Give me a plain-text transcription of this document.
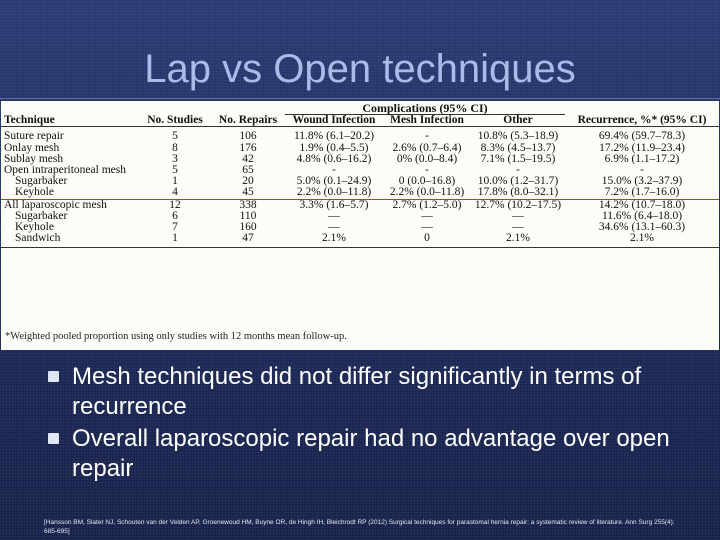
Lap vs Open techniques
			Complications (95% CI)			
Technique	No. Studies	No. Repairs	Wound Infection	Mesh Infection	Other	Recurrence, %* (95% CI)
Suture repair	5	106	11.8% (6.1–20.2)	-	10.8% (5.3–18.9)	69.4% (59.7–78.3)
Onlay mesh	8	176	1.9% (0.4–5.5)	2.6% (0.7–6.4)	8.3% (4.5–13.7)	17.2% (11.9–23.4)
Sublay mesh	3	42	4.8% (0.6–16.2)	0% (0.0–8.4)	7.1% (1.5–19.5)	6.9% (1.1–17.2)
Open intraperitoneal mesh	5	65	-	-	-	-
Sugarbaker	1	20	5.0% (0.1–24.9)	0 (0.0–16.8)	10.0% (1.2–31.7)	15.0% (3.2–37.9)
Keyhole	4	45	2.2% (0.0–11.8)	2.2% (0.0–11.8)	17.8% (8.0–32.1)	7.2% (1.7–16.0)
All laparoscopic mesh	12	338	3.3% (1.6–5.7)	2.7% (1.2–5.0)	12.7% (10.2–17.5)	14.2% (10.7–18.0)
Sugarbaker	6	110	—	—	—	11.6% (6.4–18.0)
Keyhole	7	160	—	—	—	34.6% (13.1–60.3)
Sandwich	1	47	2.1%	0	2.1%	2.1%
*Weighted pooled proportion using only studies with 12 months mean follow-up.
Mesh techniques did not differ significantly in terms of recurrence
Overall laparoscopic repair had no advantage over open repair
[Hansson BM, Slater NJ, Schouten van der Velden AP, Groenewoud HM, Buyne OR, de Hingh IH, Bleichrodt RP (2012) Surgical techniques for parastomal hernia repair: a systematic review of literature. Ann Surg 255(4): 685-695]
